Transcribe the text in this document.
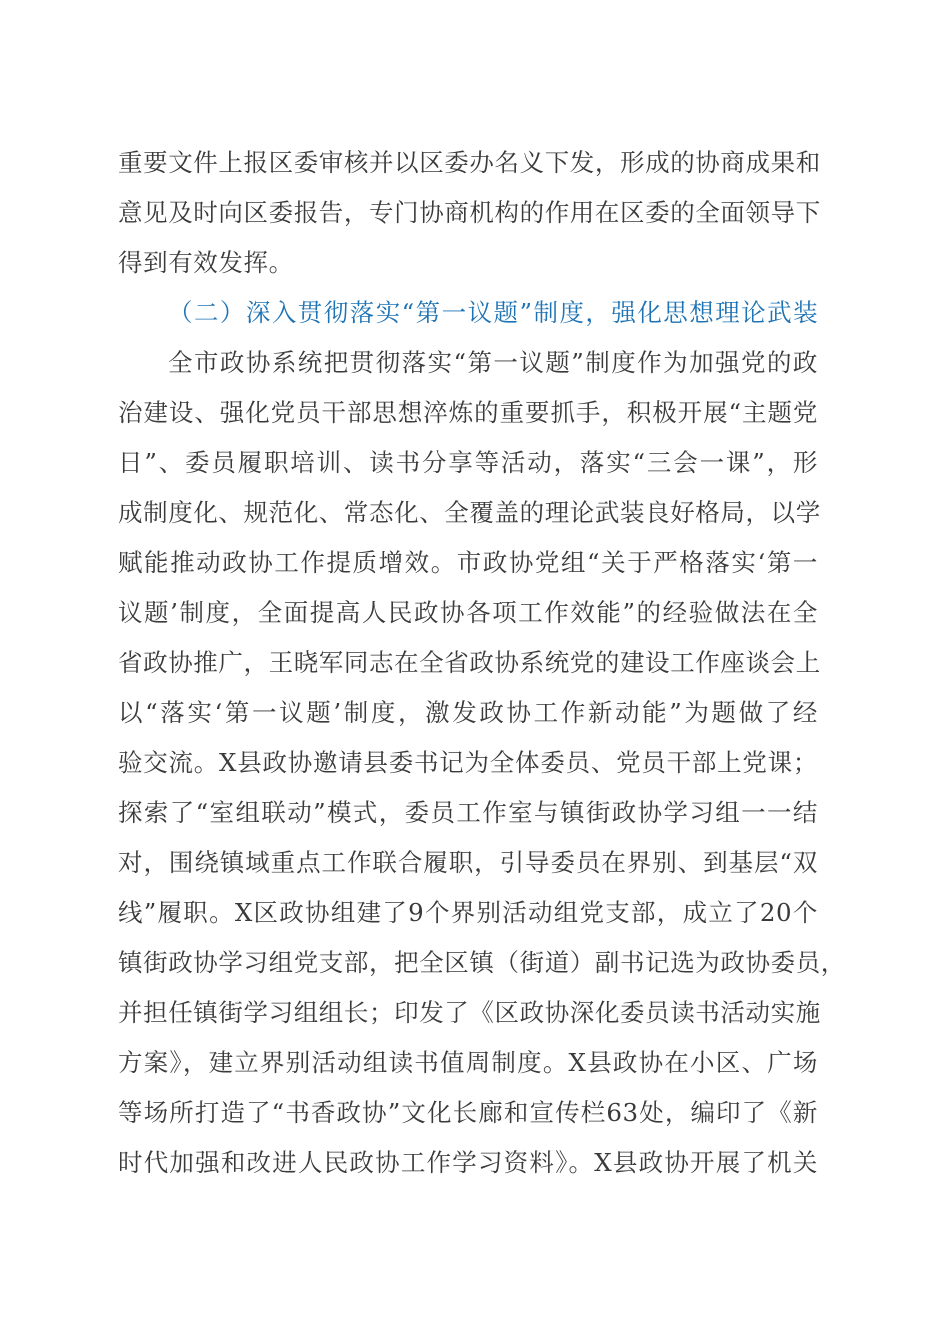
重要文件上报区委审核并以区委办名义下发，形成的协商成果和
意见及时向区委报告，专门协商机构的作用在区委的全面领导下
得到有效发挥。
（二）深入贯彻落实“第一议题”制度，强化思想理论武装
全市政协系统把贯彻落实“第一议题”制度作为加强党的政
治建设、强化党员干部思想淬炼的重要抓手，积极开展“主题党
日”、委员履职培训、读书分享等活动，落实“三会一课”，形
成制度化、规范化、常态化、全覆盖的理论武装良好格局，以学
赋能推动政协工作提质增效。市政协党组“关于严格落实‘第一
议题’制度，全面提高人民政协各项工作效能”的经验做法在全
省政协推广，王晓军同志在全省政协系统党的建设工作座谈会上
以“落实‘第一议题’制度，激发政协工作新动能”为题做了经
验交流。X县政协邀请县委书记为全体委员、党员干部上党课；
探索了“室组联动”模式，委员工作室与镇街政协学习组一一结
对，围绕镇域重点工作联合履职，引导委员在界别、到基层“双
线”履职。X区政协组建了9个界别活动组党支部，成立了20个
镇街政协学习组党支部，把全区镇（街道）副书记选为政协委员，
并担任镇街学习组组长；印发了《区政协深化委员读书活动实施
方案》，建立界别活动组读书值周制度。X县政协在小区、广场
等场所打造了“书香政协”文化长廊和宣传栏63处，编印了《新
时代加强和改进人民政协工作学习资料》。X县政协开展了机关
